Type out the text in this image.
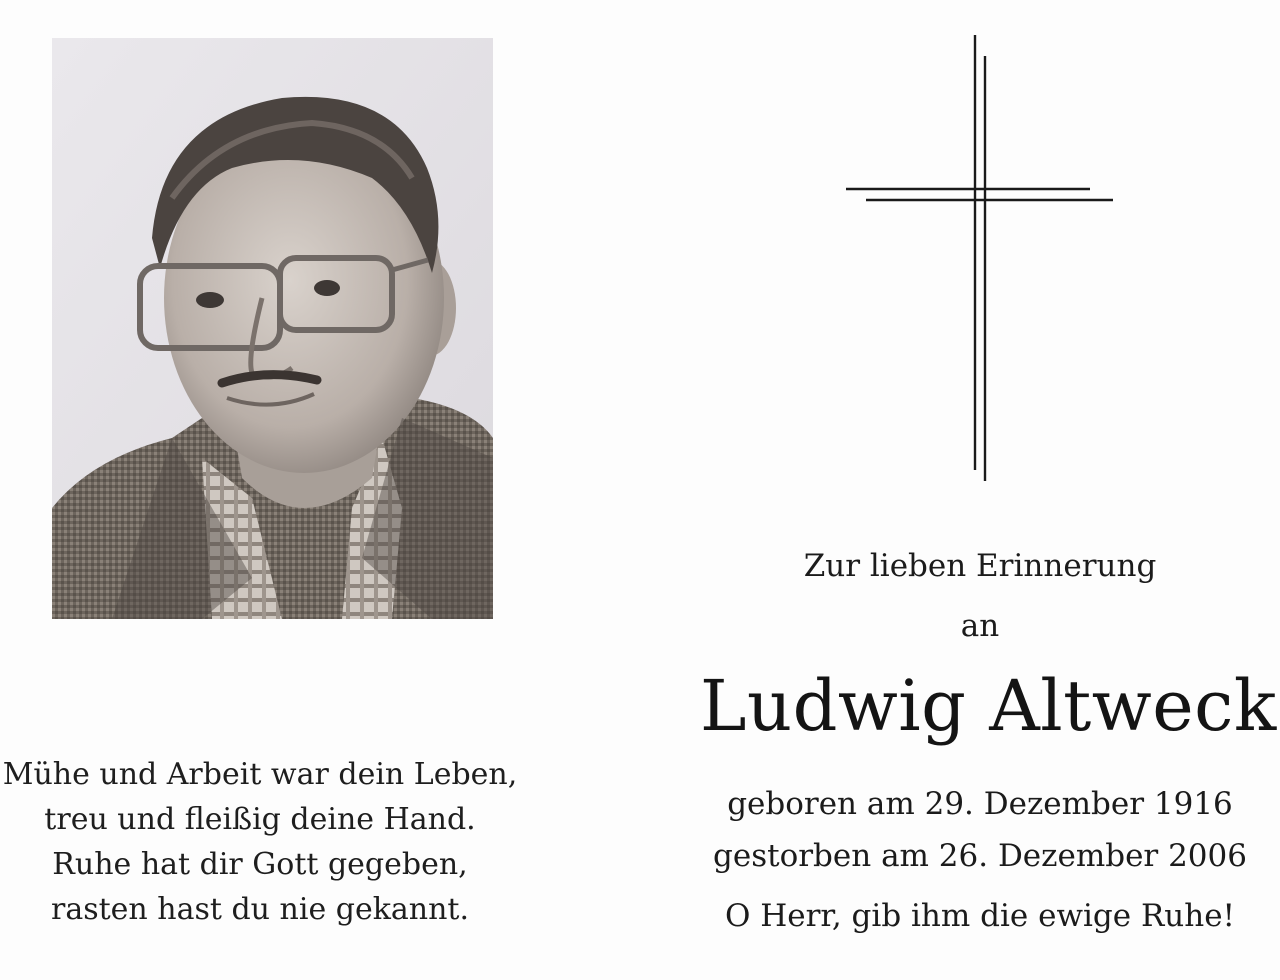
Mühe und Arbeit war dein Leben,
treu und fleißig deine Hand.
Ruhe hat dir Gott gegeben,
rasten hast du nie gekannt.
Zur lieben Erinnerung
an
Ludwig Altweck
geboren am 29. Dezember 1916
gestorben am 26. Dezember 2006
O Herr, gib ihm die ewige Ruhe!
